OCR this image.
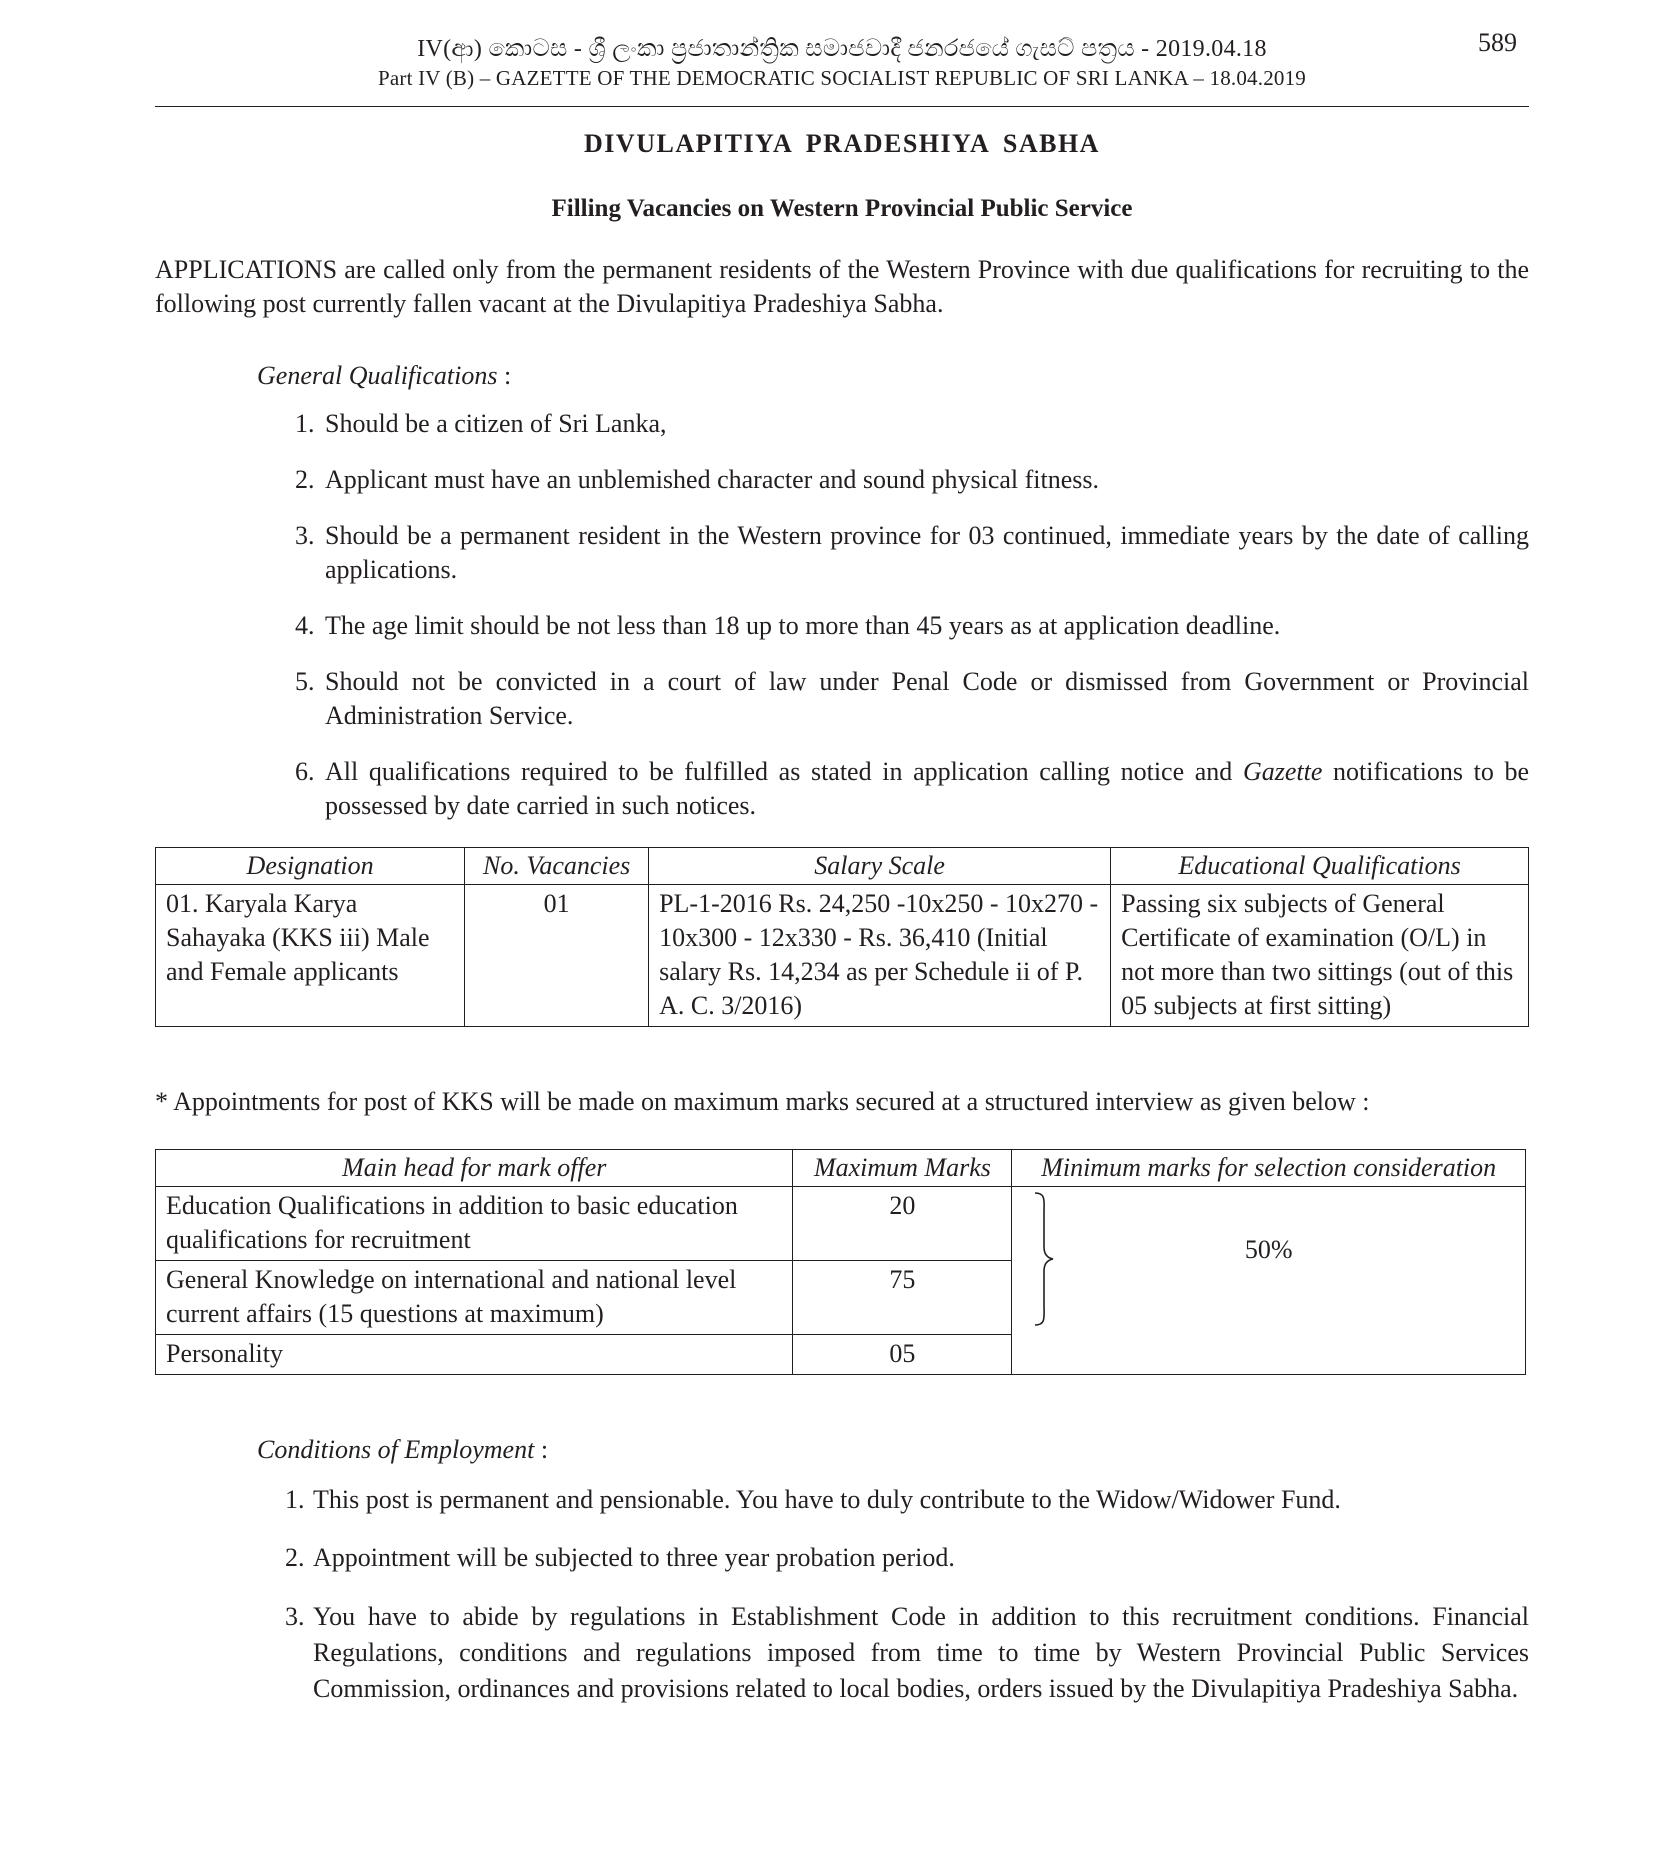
IV(ආ) කොටස - ශ්‍රී ලංකා ප්‍රජාතාන්ත්‍රික සමාජවාදී ජනරජයේ ගැසට් පත්‍රය - 2019.04.18
Part IV (B) – GAZETTE OF THE DEMOCRATIC SOCIALIST REPUBLIC OF SRI LANKA – 18.04.2019
589
DIVULAPITIYA PRADESHIYA SABHA
Filling Vacancies on Western Provincial Public Service

APPLICATIONS are called only from the permanent residents of the Western Province with due qualifications for recruiting to the following post currently fallen vacant at the Divulapitiya Pradeshiya Sabha.

General Qualifications :
1. Should be a citizen of Sri Lanka,
2. Applicant must have an unblemished character and sound physical fitness.
3. Should be a permanent resident in the Western province for 03 continued, immediate years by the date of calling applications.
4. The age limit should be not less than 18 up to more than 45 years as at application deadline.
5. Should not be convicted in a court of law under Penal Code or dismissed from Government or Provincial Administration Service.
6. All qualifications required to be fulfilled as stated in application calling notice and Gazette notifications to be possessed by date carried in such notices.
Designation	No. Vacancies	Salary Scale	Educational Qualifications
01. Karyala Karya Sahayaka (KKS iii) Male and Female applicants	01	PL-1-2016 Rs. 24,250 -10x250 - 10x270 - 10x300 - 12x330 - Rs. 36,410 (Initial salary Rs. 14,234 as per Schedule ii of P. A. C. 3/2016)	Passing six subjects of General Certificate of examination (O/L) in not more than two sittings (out of this 05 subjects at first sitting)
* Appointments for post of KKS will be made on maximum marks secured at a structured interview as given below :
Main head for mark offer	Maximum Marks	Minimum marks for selection consideration
Education Qualifications in addition to basic education qualifications for recruitment	20	50%
General Knowledge on international and national level current affairs (15 questions at maximum)	75	
Personality	05	
Conditions of Employment :
1. This post is permanent and pensionable. You have to duly contribute to the Widow/Widower Fund.
2. Appointment will be subjected to three year probation period.
3. You have to abide by regulations in Establishment Code in addition to this recruitment conditions. Financial Regulations, conditions and regulations imposed from time to time by Western Provincial Public Services Commission, ordinances and provisions related to local bodies, orders issued by the Divulapitiya Pradeshiya Sabha.
